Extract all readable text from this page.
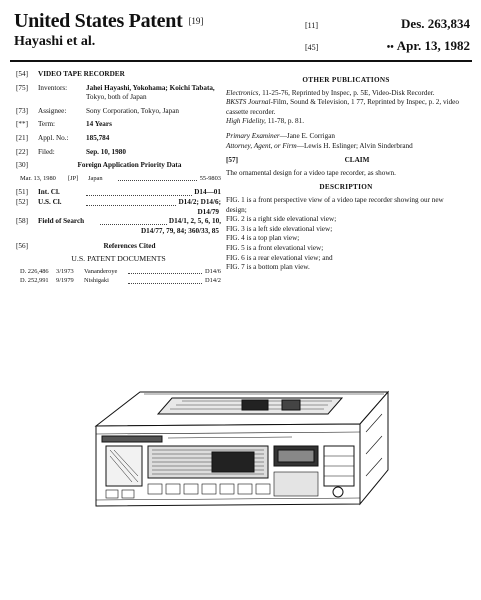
United States Patent [19]
Hayashi et al.
[11]	Des. 263,834
[45]	•• Apr. 13, 1982
[54]	VIDEO TAPE RECORDER
[75]	Inventors:	Jahei Hayashi, Yokohama; Koichi Tabata, Tokyo, both of Japan
[73]	Assignee:	Sony Corporation, Tokyo, Japan
[**]	Term:	14 Years
[21]	Appl. No.:	185,784
[22]	Filed:	Sep. 10, 1980
[30]	Foreign Application Priority Data
Mar. 13, 1980	[JP]	Japan	55-9803
[51]	Int. Cl.	D14—01
[52]	U.S. Cl.	D14/2; D14/6;
D14/79
[58]	Field of Search	D14/1, 2, 5, 6, 10,
D14/77, 79, 84; 360/33, 85
[56]	References Cited
U.S. PATENT DOCUMENTS
D. 226,486	3/1973	Vananderoye	D14/6
D. 252,991	9/1979	Nishigaki	D14/2
OTHER PUBLICATIONS

Electronics, 11-25-76, Reprinted by Inspec, p. 5E, Video-Disk Recorder.

BKSTS Journal-Film, Sound & Television, 1 77, Reprinted by Inspec, p. 2, video cassette recorder.

High Fidelity, 11-78, p. 81.

Primary Examiner—Jane E. Corrigan

Attorney, Agent, or Firm—Lewis H. Eslinger; Alvin Sinderbrand

[57]	CLAIM

The ornamental design for a video tape recorder, as shown.

DESCRIPTION

FIG. 1 is a front perspective view of a video tape recorder showing our new design;

FIG. 2 is a right side elevational view;

FIG. 3 is a left side elevational view;

FIG. 4 is a top plan view;

FIG. 5 is a front elevational view;

FIG. 6 is a rear elevational view; and

FIG. 7 is a bottom plan view.
